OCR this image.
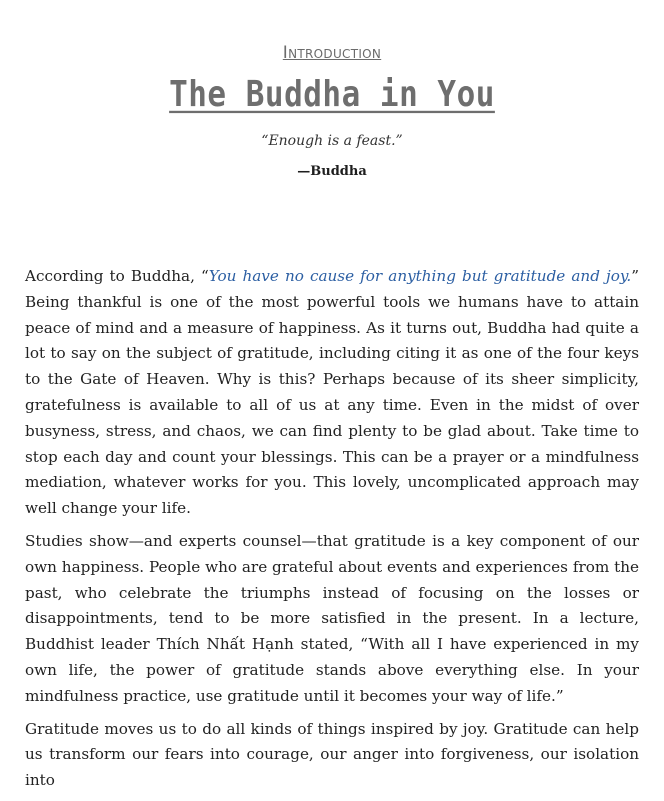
Introduction
The Buddha in You
“Enough is a feast.”
—Buddha

According to Buddha, “You have no cause for anything but gratitude and joy.” Being thankful is one of the most powerful tools we humans have to attain peace of mind and a measure of happiness. As it turns out, Buddha had quite a lot to say on the subject of gratitude, including citing it as one of the four keys to the Gate of Heaven. Why is this? Perhaps because of its sheer simplicity, gratefulness is available to all of us at any time. Even in the midst of over busyness, stress, and chaos, we can find plenty to be glad about. Take time to stop each day and count your blessings. This can be a prayer or a mindfulness mediation, whatever works for you. This lovely, uncomplicated approach may well change your life.

Studies show—and experts counsel—that gratitude is a key component of our own happiness. People who are grateful about events and experiences from the past, who celebrate the triumphs instead of focusing on the losses or disappointments, tend to be more satisfied in the present. In a lecture, Buddhist leader Thích Nhất Hạnh stated, “With all I have experienced in my own life, the power of gratitude stands above everything else. In your mindfulness practice, use gratitude until it becomes your way of life.”

Gratitude moves us to do all kinds of things inspired by joy. Gratitude can help us transform our fears into courage, our anger into forgiveness, our isolation into
